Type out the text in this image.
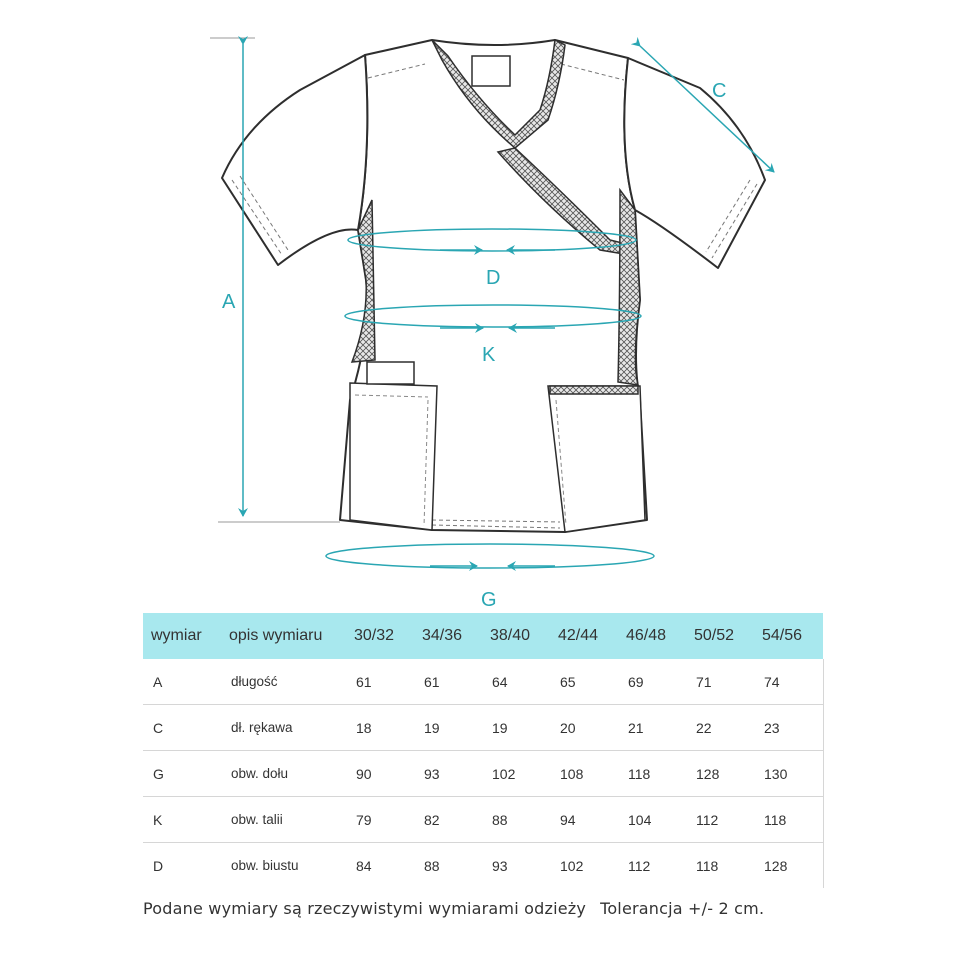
A
C
D
K
G
wymiar	opis wymiaru	30/32	34/36	38/40	42/44	46/48	50/52	54/56
A	długość	61	61	64	65	69	71	74
C	dł. rękawa	18	19	19	20	21	22	23
G	obw. dołu	90	93	102	108	118	128	130
K	obw. talii	79	82	88	94	104	112	118
D	obw. biustu	84	88	93	102	112	118	128
Podane wymiary są rzeczywistymi wymiarami odzieży Tolerancja +/- 2 cm.
